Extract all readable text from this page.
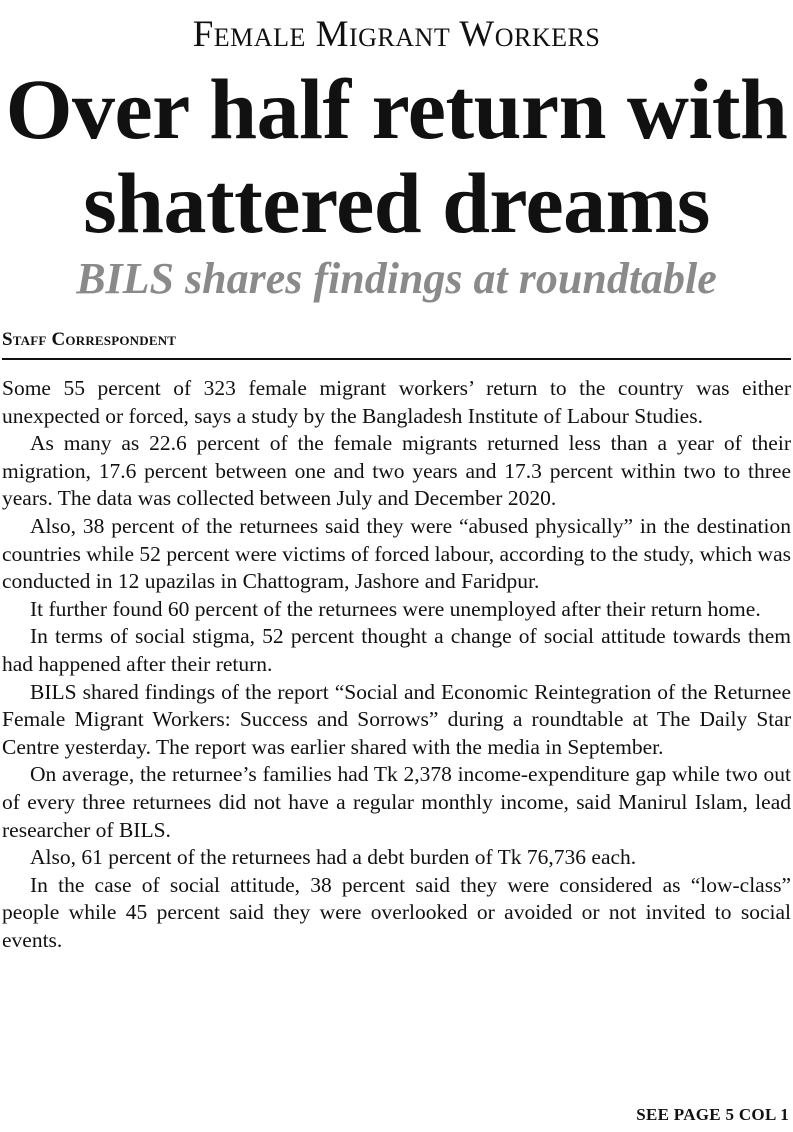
Female Migrant Workers
Over half return with shattered dreams
BILS shares findings at roundtable
Staff Correspondent

Some 55 percent of 323 female migrant workers’ return to the country was either unexpected or forced, says a study by the Bangladesh Institute of Labour Studies.

As many as 22.6 percent of the female migrants returned less than a year of their migration, 17.6 percent between one and two years and 17.3 percent within two to three years. The data was collected between July and December 2020.

Also, 38 percent of the returnees said they were “abused physically” in the destination countries while 52 percent were victims of forced labour, according to the study, which was conducted in 12 upazilas in Chattogram, Jashore and Faridpur.

It further found 60 percent of the returnees were unemployed after their return home.

In terms of social stigma, 52 percent thought a change of social attitude towards them had happened after their return.

BILS shared findings of the report “Social and Economic Reintegration of the Returnee Female Migrant Workers: Success and Sorrows” during a roundtable at The Daily Star Centre yesterday. The report was earlier shared with the media in September.

On average, the returnee’s families had Tk 2,378 income-expenditure gap while two out of every three returnees did not have a regular monthly income, said Manirul Islam, lead researcher of BILS.

Also, 61 percent of the returnees had a debt burden of Tk 76,736 each.

In the case of social attitude, 38 percent said they were considered as “low-class” people while 45 percent said they were overlooked or avoided or not invited to social events.

SEE PAGE 5 COL 1
